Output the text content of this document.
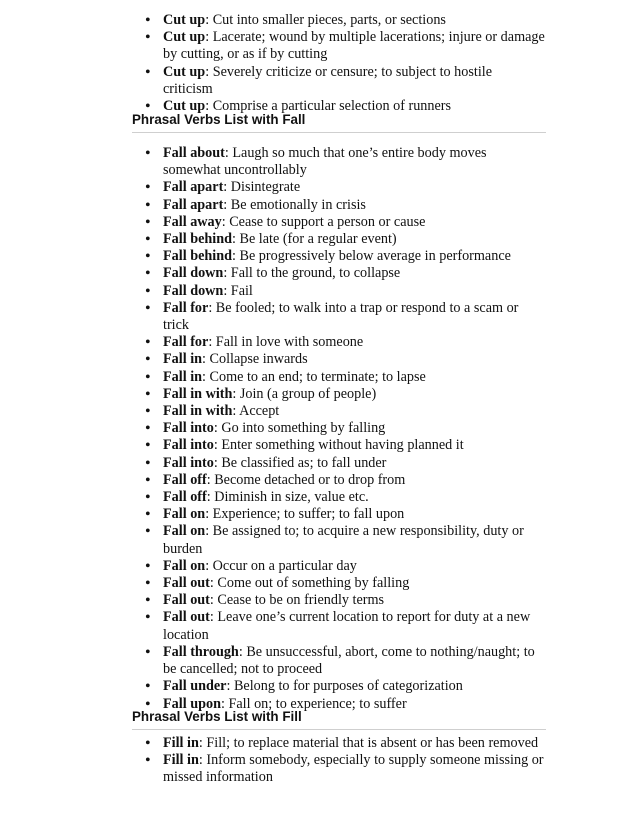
• Cut up: Cut into smaller pieces, parts, or sections
• Cut up: Lacerate; wound by multiple lacerations; injure or damage by cutting, or as if by cutting
• Cut up: Severely criticize or censure; to subject to hostile criticism
• Cut up: Comprise a particular selection of runners
Phrasal Verbs List with Fall
• Fall about: Laugh so much that one’s entire body moves somewhat uncontrollably
• Fall apart: Disintegrate
• Fall apart: Be emotionally in crisis
• Fall away: Cease to support a person or cause
• Fall behind: Be late (for a regular event)
• Fall behind: Be progressively below average in performance
• Fall down: Fall to the ground, to collapse
• Fall down: Fail
• Fall for: Be fooled; to walk into a trap or respond to a scam or trick
• Fall for: Fall in love with someone
• Fall in: Collapse inwards
• Fall in: Come to an end; to terminate; to lapse
• Fall in with: Join (a group of people)
• Fall in with: Accept
• Fall into: Go into something by falling
• Fall into: Enter something without having planned it
• Fall into: Be classified as; to fall under
• Fall off: Become detached or to drop from
• Fall off: Diminish in size, value etc.
• Fall on: Experience; to suffer; to fall upon
• Fall on: Be assigned to; to acquire a new responsibility, duty or burden
• Fall on: Occur on a particular day
• Fall out: Come out of something by falling
• Fall out: Cease to be on friendly terms
• Fall out: Leave one’s current location to report for duty at a new location
• Fall through: Be unsuccessful, abort, come to nothing/naught; to be cancelled; not to proceed
• Fall under: Belong to for purposes of categorization
• Fall upon: Fall on; to experience; to suffer
Phrasal Verbs List with Fill
• Fill in: Fill; to replace material that is absent or has been removed
• Fill in: Inform somebody, especially to supply someone missing or missed information
